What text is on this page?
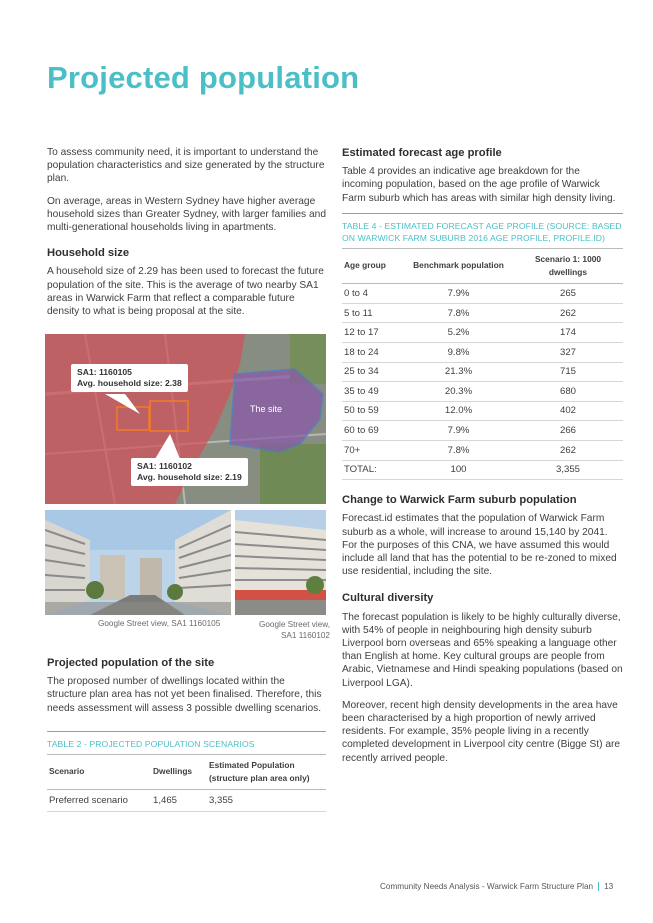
Projected population

To assess community need, it is important to understand the population characteristics and size generated by the structure plan.

On average, areas in Western Sydney have higher average household sizes than Greater Sydney, with larger families and multi-generational households living in apartments.

Household size

A household size of 2.29 has been used to forecast the future population of the site. This is the average of two nearby SA1 areas in Warwick Farm that reflect a comparable future density to what is being proposal at the site.

SA1: 1160105
Avg. household size: 2.38
SA1: 1160102
Avg. household size: 2.19
The site
Google Street view, SA1 1160105	Google Street view, SA1 1160102
Projected population of the site

The proposed number of dwellings located within the structure plan area has not yet been finalised. Therefore, this needs assessment will assess 3 possible dwelling scenarios.

TABLE 2 - PROJECTED POPULATION SCENARIOS
Scenario	Dwellings	Estimated Population (structure plan area only)
Preferred scenario	1,465	3,355
Estimated forecast age profile

Table 4 provides an indicative age breakdown for the incoming population, based on the age profile of Warwick Farm suburb which has areas with similar high density living.

TABLE 4 - ESTIMATED FORECAST AGE PROFILE (SOURCE: BASED ON WARWICK FARM SUBURB 2016 AGE PROFILE, PROFILE.ID)
Age group	Benchmark population	Scenario 1: 1000 dwellings
0 to 4	7.9%	265
5 to 11	7.8%	262
12 to 17	5.2%	174
18 to 24	9.8%	327
25 to 34	21.3%	715
35 to 49	20.3%	680
50 to 59	12.0%	402
60 to 69	7.9%	266
70+	7.8%	262
TOTAL:	100	3,355
Change to Warwick Farm suburb population

Forecast.id estimates that the population of Warwick Farm suburb as a whole, will increase to around 15,140 by 2041. For the purposes of this CNA, we have assumed this would include all land that has the potential to be re-zoned to mixed use residential, including the site.

Cultural diversity

The forecast population is likely to be highly culturally diverse, with 54% of people in neighbouring high density suburb Liverpool born overseas and 65% speaking a language other than English at home. Key cultural groups are people from Arabic, Vietnamese and Hindi speaking populations (based on Liverpool LGA).

Moreover, recent high density developments in the area have been characterised by a high proportion of newly arrived residents. For example, 35% people living in a recently completed development in Liverpool city centre (Bigge St) are recently arrived people.

Community Needs Analysis - Warwick Farm Structure Plan 13
